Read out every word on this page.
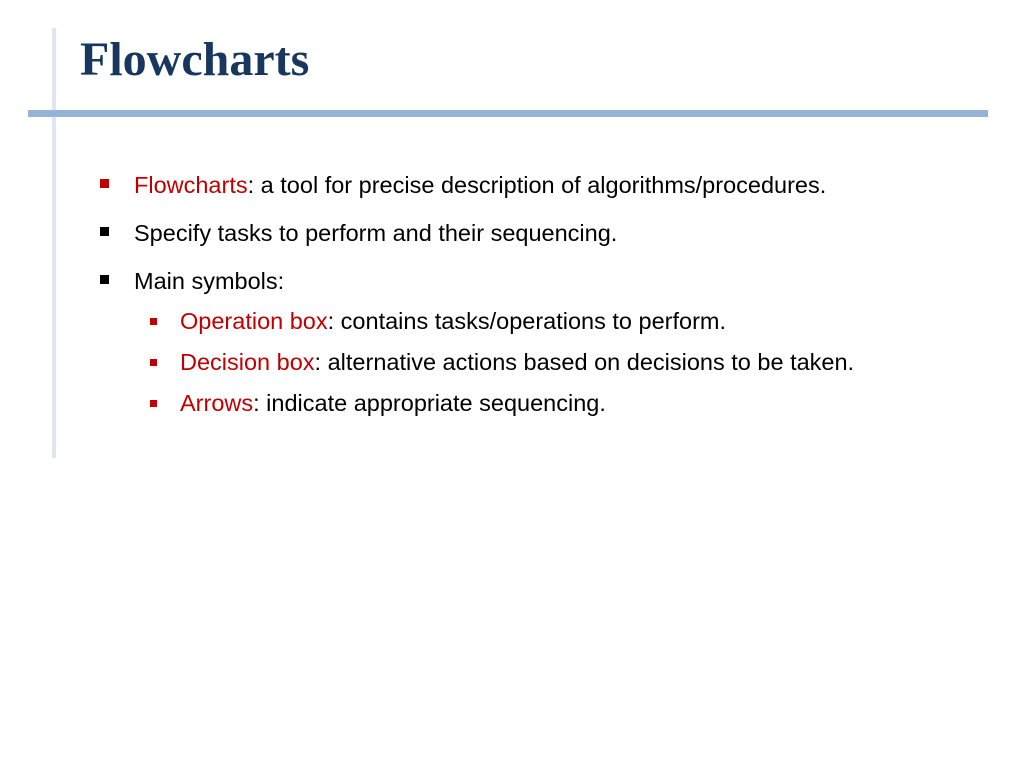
Flowcharts
Flowcharts: a tool for precise description of algorithms/procedures.
Specify tasks to perform and their sequencing.
Main symbols:
Operation box: contains tasks/operations to perform.
Decision box: alternative actions based on decisions to be taken.
Arrows: indicate appropriate sequencing.
